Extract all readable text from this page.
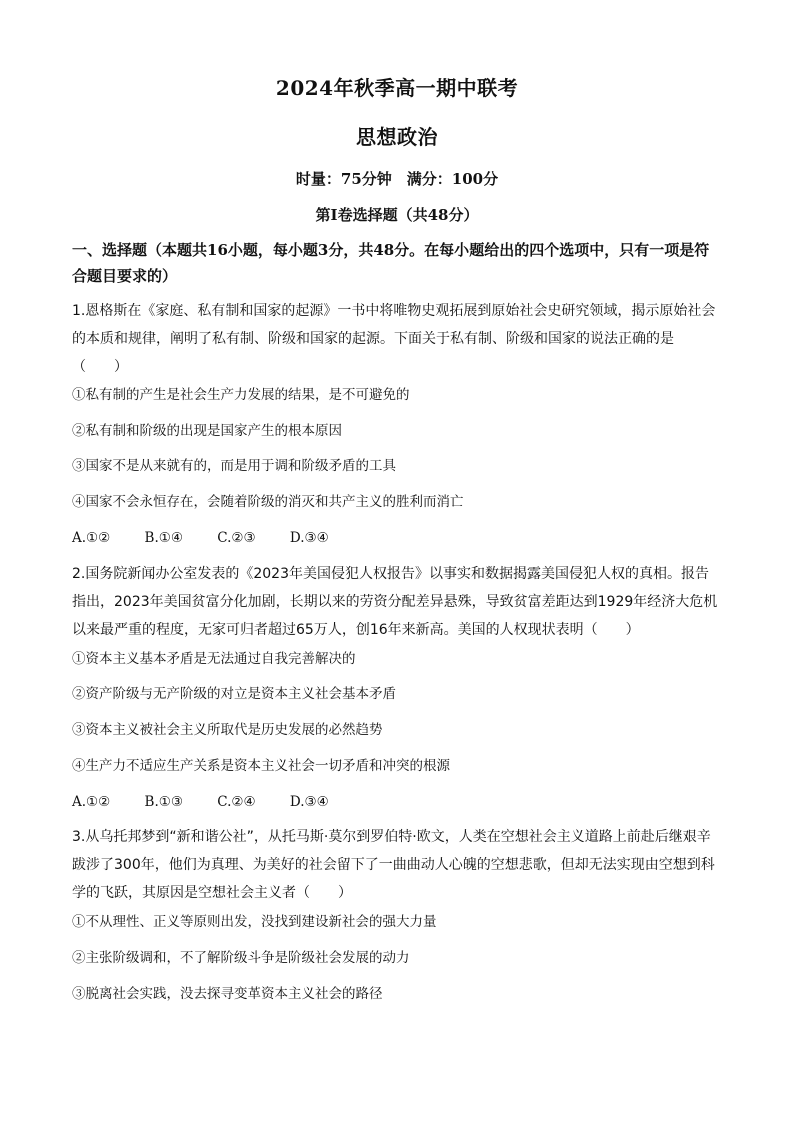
2024年秋季高一期中联考
思想政治
时量：75分钟　满分：100分
第Ⅰ卷选择题（共48分）
一、选择题（本题共16小题，每小题3分，共48分。在每小题给出的四个选项中，只有一项是符合题目要求的）
1.恩格斯在《家庭、私有制和国家的起源》一书中将唯物史观拓展到原始社会史研究领域，揭示原始社会的本质和规律，阐明了私有制、阶级和国家的起源。下面关于私有制、阶级和国家的说法正确的是（　　）
①私有制的产生是社会生产力发展的结果，是不可避免的
②私有制和阶级的出现是国家产生的根本原因
③国家不是从来就有的，而是用于调和阶级矛盾的工具
④国家不会永恒存在，会随着阶级的消灭和共产主义的胜利而消亡
A.①②	B.①④	C.②③	D.③④
2.国务院新闻办公室发表的《2023年美国侵犯人权报告》以事实和数据揭露美国侵犯人权的真相。报告指出，2023年美国贫富分化加剧，长期以来的劳资分配差异悬殊，导致贫富差距达到1929年经济大危机以来最严重的程度，无家可归者超过65万人，创16年来新高。美国的人权现状表明（　　）
①资本主义基本矛盾是无法通过自我完善解决的
②资产阶级与无产阶级的对立是资本主义社会基本矛盾
③资本主义被社会主义所取代是历史发展的必然趋势
④生产力不适应生产关系是资本主义社会一切矛盾和冲突的根源
A.①②	B.①③	C.②④	D.③④
3.从乌托邦梦到“新和谐公社”，从托马斯·莫尔到罗伯特·欧文，人类在空想社会主义道路上前赴后继艰辛跋涉了300年，他们为真理、为美好的社会留下了一曲曲动人心魄的空想悲歌，但却无法实现由空想到科学的飞跃，其原因是空想社会主义者（　　）
①不从理性、正义等原则出发，没找到建设新社会的强大力量
②主张阶级调和，不了解阶级斗争是阶级社会发展的动力
③脱离社会实践，没去探寻变革资本主义社会的路径
